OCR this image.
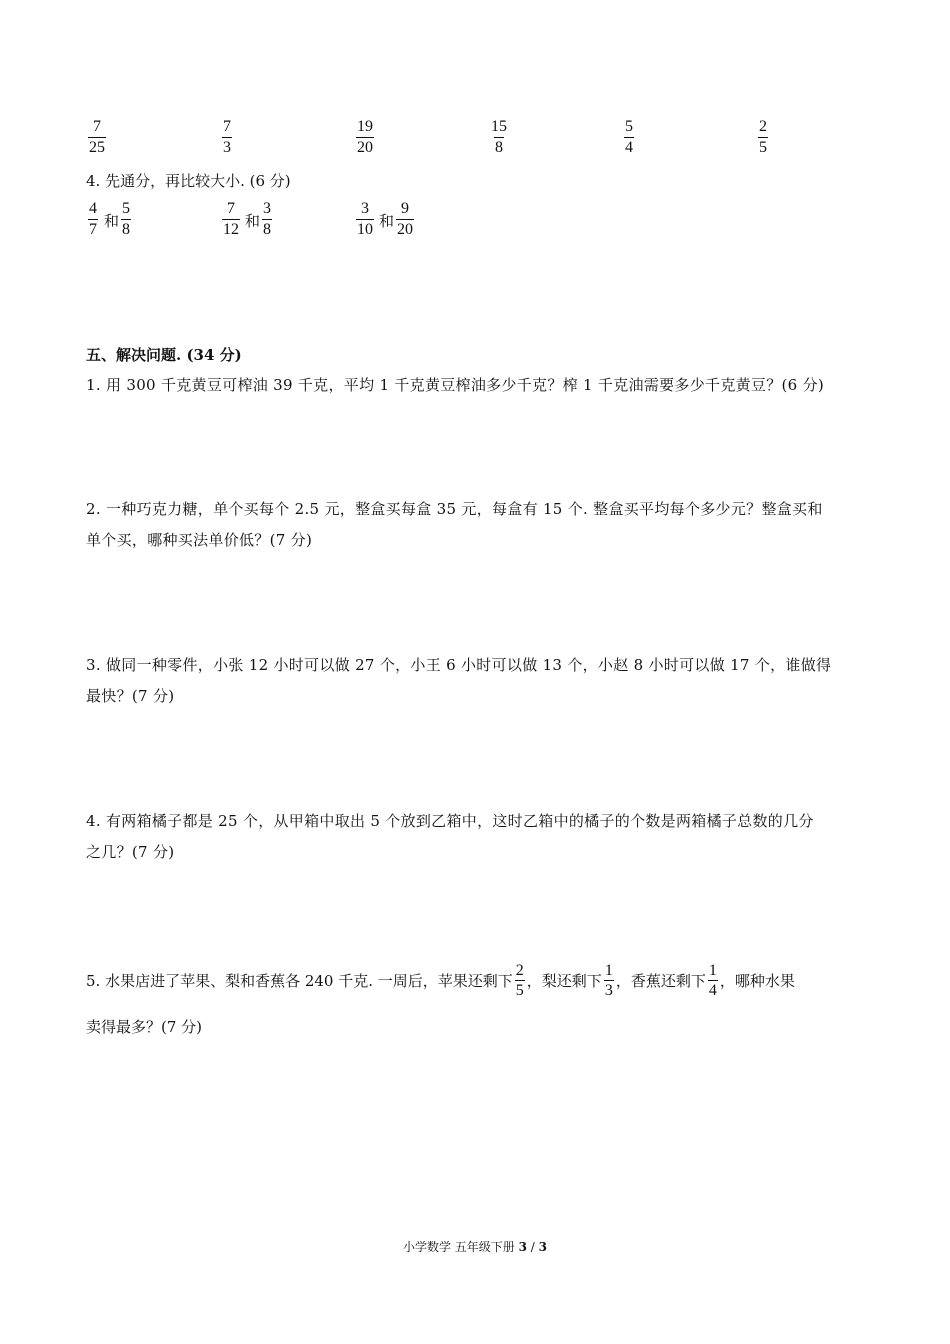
$\frac{7}{25}$	$\frac{7}{3}$	$\frac{19}{20}$	$\frac{15}{8}$	$\frac{5}{4}$	$\frac{2}{5}$
4. 先通分，再比较大小. (6 分)
$\frac{4}{7}$ 和 $\frac{5}{8}$	$\frac{7}{12}$ 和 $\frac{3}{8}$	$\frac{3}{10}$ 和 $\frac{9}{20}$
五、解决问题. (34 分)
1. 用 300 千克黄豆可榨油 39 千克，平均 1 千克黄豆榨油多少千克？榨 1 千克油需要多少千克黄豆？(6 分)
2. 一种巧克力糖，单个买每个 2.5 元，整盒买每盒 35 元，每盒有 15 个. 整盒买平均每个多少元？整盒买和
单个买，哪种买法单价低？(7 分)
3. 做同一种零件，小张 12 小时可以做 27 个，小王 6 小时可以做 13 个，小赵 8 小时可以做 17 个，谁做得
最快？(7 分)
4. 有两箱橘子都是 25 个，从甲箱中取出 5 个放到乙箱中，这时乙箱中的橘子的个数是两箱橘子总数的几分
之几？(7 分)
5. 水果店进了苹果、梨和香蕉各 240 千克. 一周后，苹果还剩下 $\frac{2}{5}$ ，梨还剩下 $\frac{1}{3}$ ，香蕉还剩下 $\frac{1}{4}$ ，哪种水果
卖得最多？(7 分)
小学数学 五年级下册 3 / 3
